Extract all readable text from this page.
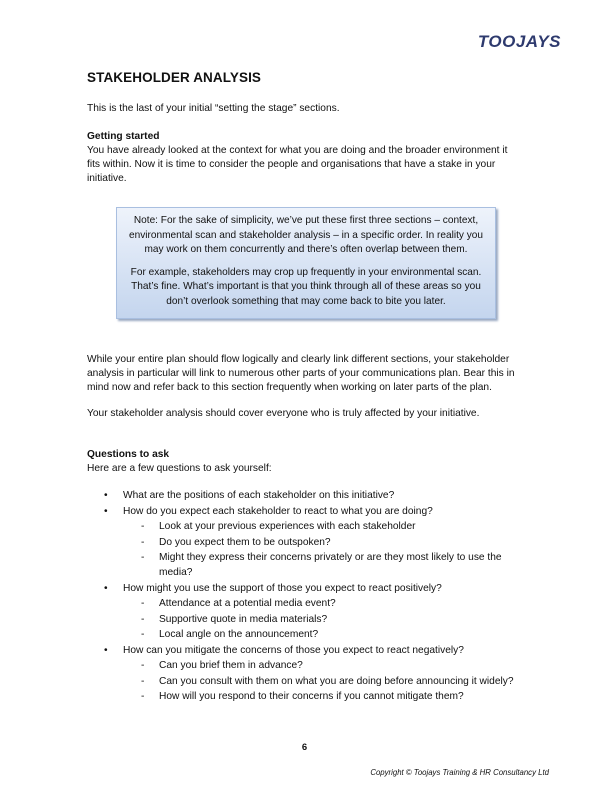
TOOJAYS
STAKEHOLDER ANALYSIS
This is the last of your initial “setting the stage” sections.
Getting started
You have already looked at the context for what you are doing and the broader environment it fits within. Now it is time to consider the people and organisations that have a stake in your initiative.

Note: For the sake of simplicity, we’ve put these first three sections – context, environmental scan and stakeholder analysis – in a specific order. In reality you may work on them concurrently and there’s often overlap between them.

For example, stakeholders may crop up frequently in your environmental scan. That’s fine. What’s important is that you think through all of these areas so you don’t overlook something that may come back to bite you later.

While your entire plan should flow logically and clearly link different sections, your stakeholder analysis in particular will link to numerous other parts of your communications plan. Bear this in mind now and refer back to this section frequently when working on later parts of the plan.
Your stakeholder analysis should cover everyone who is truly affected by your initiative.
Questions to ask
Here are a few questions to ask yourself:
• What are the positions of each stakeholder on this initiative?
• How do you expect each stakeholder to react to what you are doing?
- Look at your previous experiences with each stakeholder
- Do you expect them to be outspoken?
- Might they express their concerns privately or are they most likely to use the media?
• How might you use the support of those you expect to react positively?
- Attendance at a potential media event?
- Supportive quote in media materials?
- Local angle on the announcement?
• How can you mitigate the concerns of those you expect to react negatively?
- Can you brief them in advance?
- Can you consult with them on what you are doing before announcing it widely?
- How will you respond to their concerns if you cannot mitigate them?
6
Copyright © Toojays Training & HR Consultancy Ltd
